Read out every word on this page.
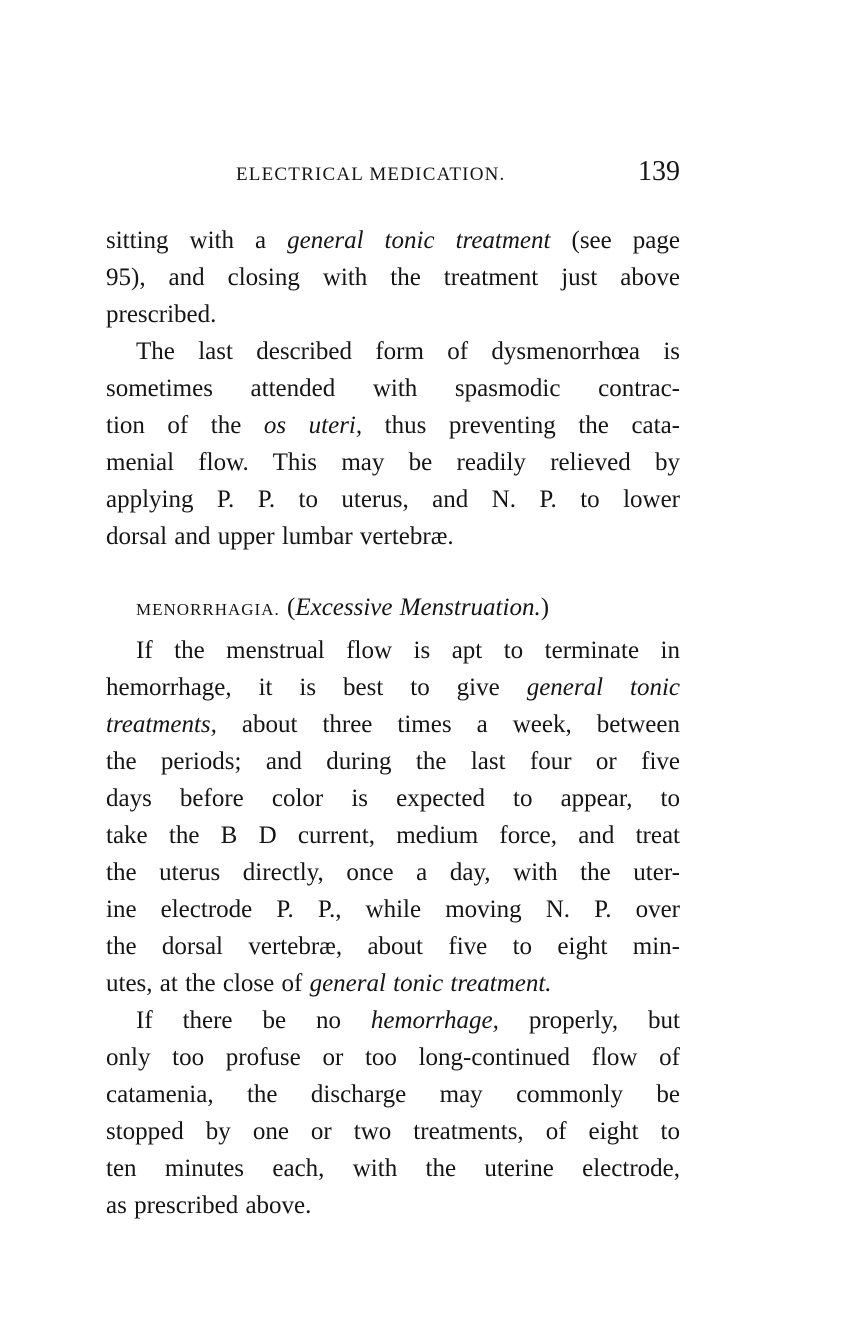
ELECTRICAL MEDICATION.	139
sitting with a general tonic treatment (see page
95), and closing with the treatment just above
prescribed.
The last described form of dysmenorrhœa is
sometimes attended with spasmodic contrac-
tion of the os uteri, thus preventing the cata-
menial flow. This may be readily relieved by
applying P. P. to uterus, and N. P. to lower
dorsal and upper lumbar vertebræ.
MENORRHAGIA. (Excessive Menstruation.)
If the menstrual flow is apt to terminate in
hemorrhage, it is best to give general tonic
treatments, about three times a week, between
the periods; and during the last four or five
days before color is expected to appear, to
take the B D current, medium force, and treat
the uterus directly, once a day, with the uter-
ine electrode P. P., while moving N. P. over
the dorsal vertebræ, about five to eight min-
utes, at the close of general tonic treatment.
If there be no hemorrhage, properly, but
only too profuse or too long-continued flow of
catamenia, the discharge may commonly be
stopped by one or two treatments, of eight to
ten minutes each, with the uterine electrode,
as prescribed above.
